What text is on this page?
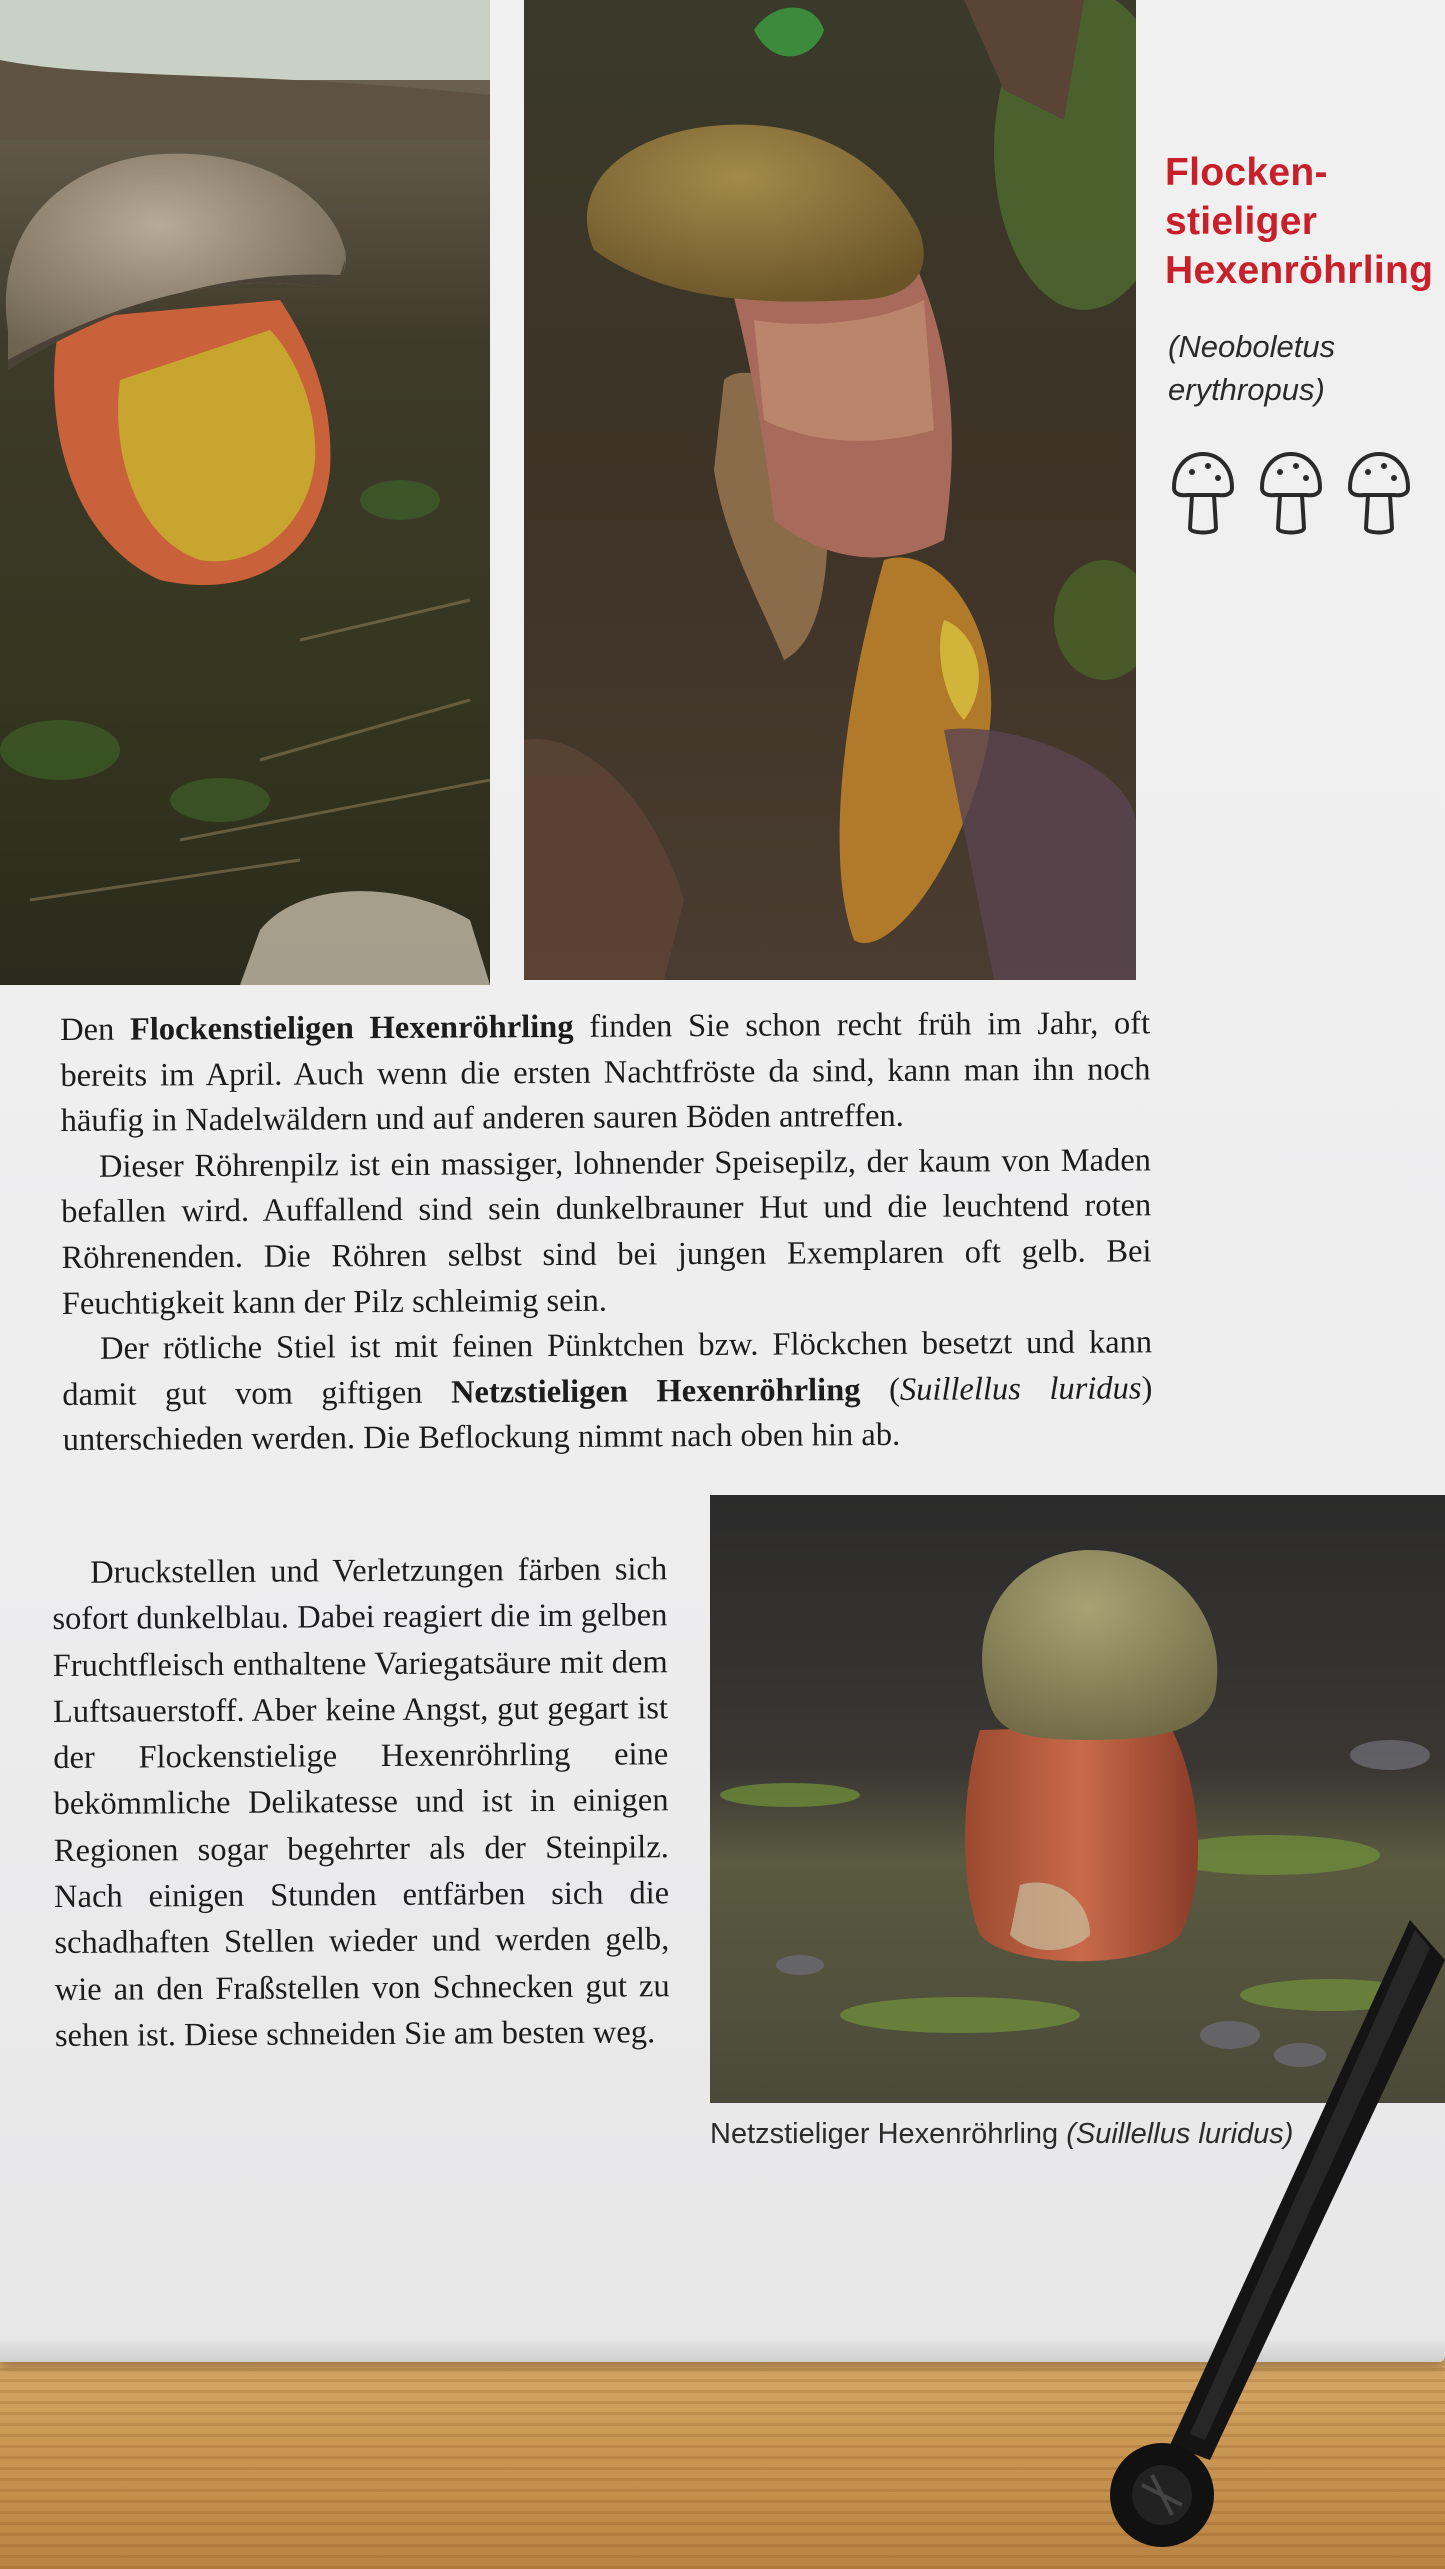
Flocken-
stieliger
Hexenröhrling
(Neoboletus
erythropus)

Den Flockenstieligen Hexenröhrling finden Sie schon recht früh im Jahr, oft bereits im April. Auch wenn die ersten Nachtfröste da sind, kann man ihn noch häufig in Nadelwäldern und auf anderen sauren Böden antreffen.

Dieser Röhrenpilz ist ein massiger, lohnender Speisepilz, der kaum von Maden befallen wird. Auffallend sind sein dunkelbrauner Hut und die leuchtend roten Röhrenenden. Die Röhren selbst sind bei jungen Exemplaren oft gelb. Bei Feuchtigkeit kann der Pilz schleimig sein.

Der rötliche Stiel ist mit feinen Pünktchen bzw. Flöckchen besetzt und kann damit gut vom giftigen Netzstieligen Hexenröhrling (Suillellus luridus) unterschieden werden. Die Beflockung nimmt nach oben hin ab.

Druckstellen und Verletzungen färben sich sofort dunkelblau. Dabei reagiert die im gelben Fruchtfleisch enthaltene Variegatsäure mit dem Luftsauerstoff. Aber keine Angst, gut gegart ist der Flockenstielige Hexenröhrling eine bekömmliche Delikatesse und ist in einigen Regionen sogar begehrter als der Steinpilz. Nach einigen Stunden entfärben sich die schadhaften Stellen wieder und werden gelb, wie an den Fraßstellen von Schnecken gut zu sehen ist. Diese schneiden Sie am besten weg.

Netzstieliger Hexenröhrling (Suillellus luridus)
